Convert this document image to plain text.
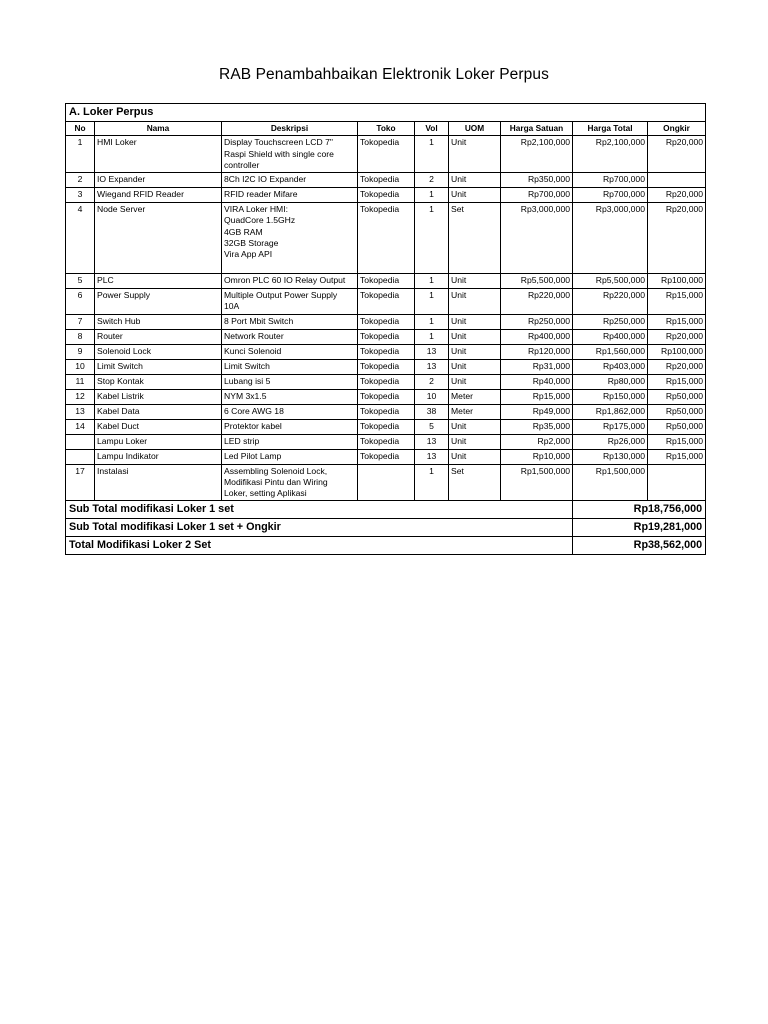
RAB Penambahbaikan Elektronik Loker Perpus
A. Loker Perpus								
No	Nama	Deskripsi	Toko	Vol	UOM	Harga Satuan	Harga Total	Ongkir
1	HMI Loker	Display Touchscreen LCD 7"
Raspi Shield with single core
controller	Tokopedia	1	Unit	Rp2,100,000	Rp2,100,000	Rp20,000
2	IO Expander	8Ch I2C IO Expander	Tokopedia	2	Unit	Rp350,000	Rp700,000	
3	Wiegand RFID Reader	RFID reader Mifare	Tokopedia	1	Unit	Rp700,000	Rp700,000	Rp20,000
4	Node Server	VIRA Loker HMI:
QuadCore 1.5GHz
4GB RAM
32GB Storage
Vira App API	Tokopedia	1	Set	Rp3,000,000	Rp3,000,000	Rp20,000
5	PLC	Omron PLC 60 IO Relay Output	Tokopedia	1	Unit	Rp5,500,000	Rp5,500,000	Rp100,000
6	Power Supply	Multiple Output Power Supply
10A	Tokopedia	1	Unit	Rp220,000	Rp220,000	Rp15,000
7	Switch Hub	8 Port Mbit Switch	Tokopedia	1	Unit	Rp250,000	Rp250,000	Rp15,000
8	Router	Network Router	Tokopedia	1	Unit	Rp400,000	Rp400,000	Rp20,000
9	Solenoid Lock	Kunci Solenoid	Tokopedia	13	Unit	Rp120,000	Rp1,560,000	Rp100,000
10	Limit Switch	Limit Switch	Tokopedia	13	Unit	Rp31,000	Rp403,000	Rp20,000
11	Stop Kontak	Lubang isi 5	Tokopedia	2	Unit	Rp40,000	Rp80,000	Rp15,000
12	Kabel Listrik	NYM 3x1.5	Tokopedia	10	Meter	Rp15,000	Rp150,000	Rp50,000
13	Kabel Data	6 Core AWG 18	Tokopedia	38	Meter	Rp49,000	Rp1,862,000	Rp50,000
14	Kabel Duct	Protektor kabel	Tokopedia	5	Unit	Rp35,000	Rp175,000	Rp50,000
	Lampu Loker	LED strip	Tokopedia	13	Unit	Rp2,000	Rp26,000	Rp15,000
	Lampu Indikator	Led Pilot Lamp	Tokopedia	13	Unit	Rp10,000	Rp130,000	Rp15,000
17	Instalasi	Assembling Solenoid Lock,
Modifikasi Pintu dan Wiring
Loker, setting Aplikasi		1	Set	Rp1,500,000	Rp1,500,000	
Sub Total modifikasi Loker 1 set							Rp18,756,000	
Sub Total modifikasi Loker 1 set + Ongkir							Rp19,281,000	
Total Modifikasi Loker 2 Set							Rp38,562,000	
